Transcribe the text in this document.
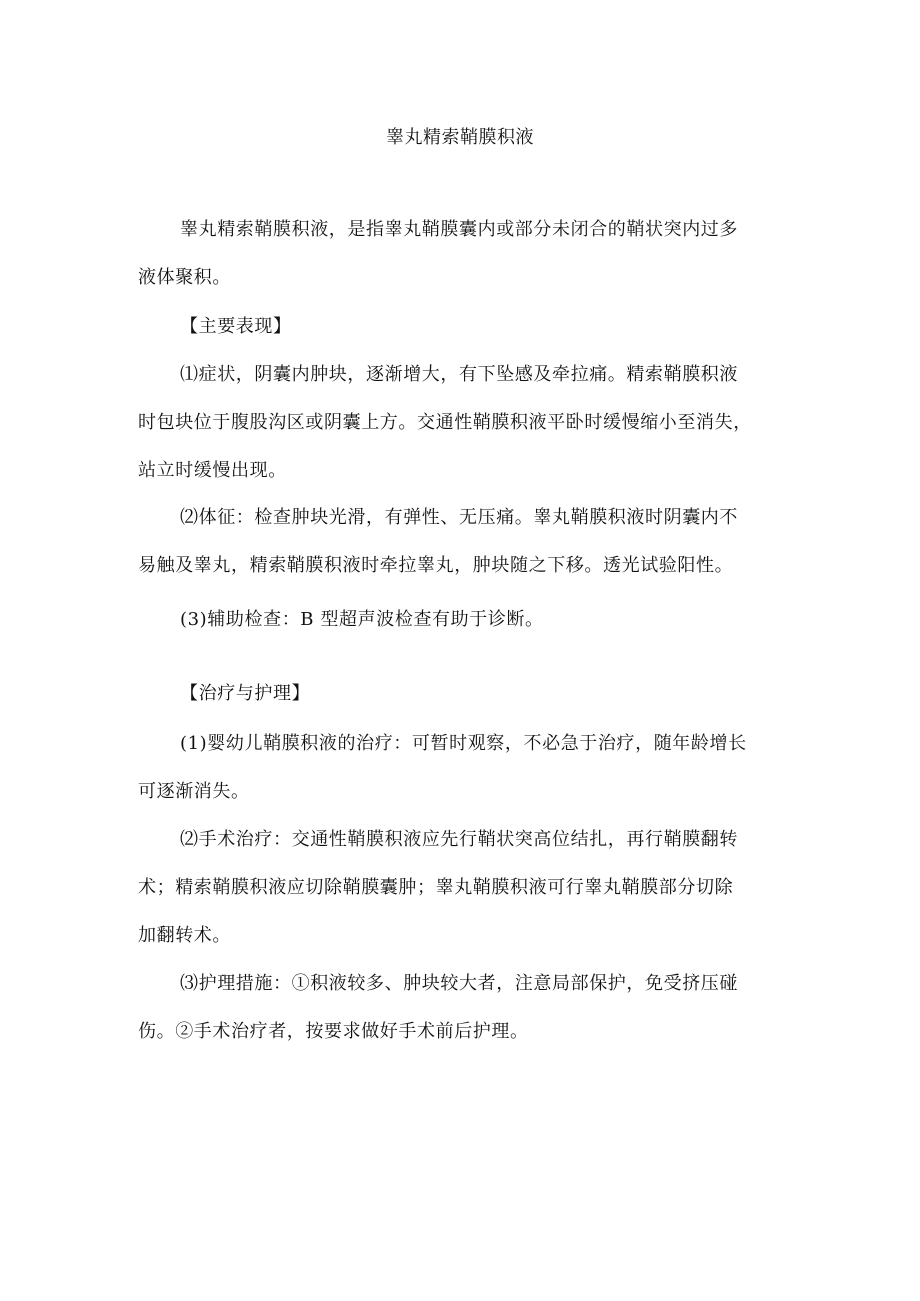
睾丸精索鞘膜积液
睾丸精索鞘膜积液，是指睾丸鞘膜囊内或部分未闭合的鞘状突内过多
液体聚积。
【主要表现】
⑴症状，阴囊内肿块，逐渐增大，有下坠感及牵拉痛。精索鞘膜积液
时包块位于腹股沟区或阴囊上方。交通性鞘膜积液平卧时缓慢缩小至消失，
站立时缓慢出现。
⑵体征：检查肿块光滑，有弹性、无压痛。睾丸鞘膜积液时阴囊内不
易触及睾丸，精索鞘膜积液时牵拉睾丸，肿块随之下移。透光试验阳性。
(3)辅助检查：B 型超声波检查有助于诊断。
【治疗与护理】
(1)婴幼儿鞘膜积液的治疗：可暂时观察，不必急于治疗，随年龄增长
可逐渐消失。
⑵手术治疗：交通性鞘膜积液应先行鞘状突高位结扎，再行鞘膜翻转
术；精索鞘膜积液应切除鞘膜囊肿；睾丸鞘膜积液可行睾丸鞘膜部分切除
加翻转术。
⑶护理措施：①积液较多、肿块较大者，注意局部保护，免受挤压碰
伤。②手术治疗者，按要求做好手术前后护理。
